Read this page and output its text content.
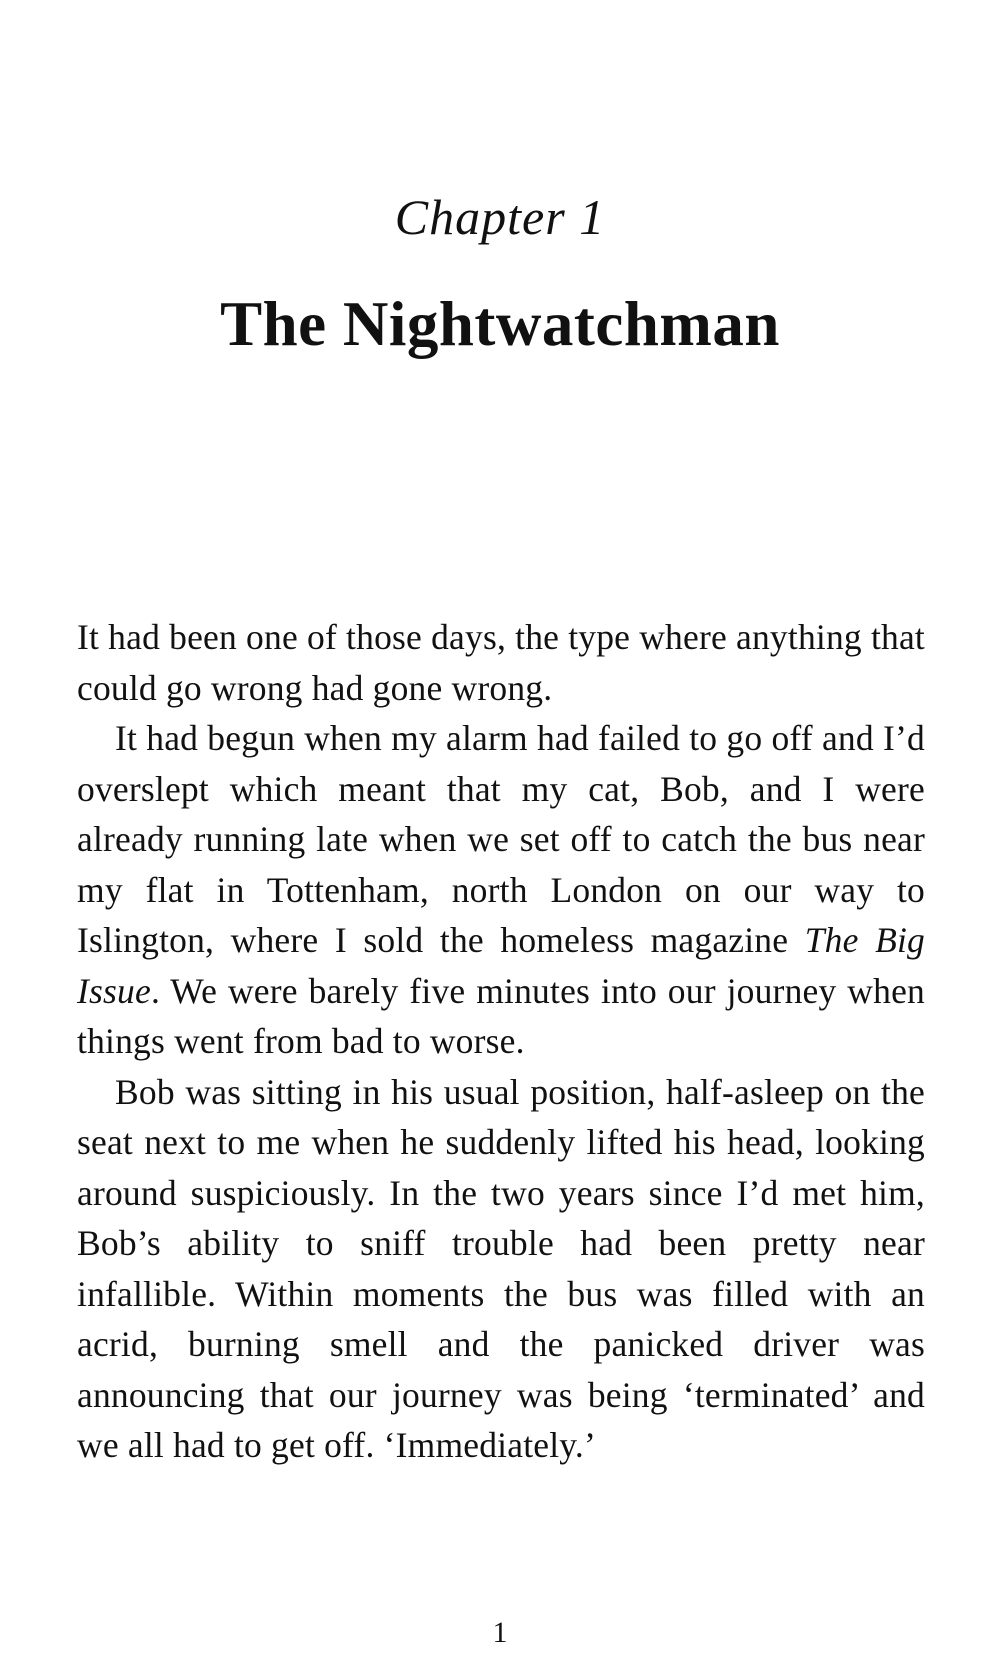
Chapter 1
The Nightwatchman

It had been one of those days, the type where anything that could go wrong had gone wrong.

It had begun when my alarm had failed to go off and I’d overslept which meant that my cat, Bob, and I were already running late when we set off to catch the bus near my flat in Tottenham, north London on our way to Islington, where I sold the homeless magazine The Big Issue. We were barely five minutes into our journey when things went from bad to worse.

Bob was sitting in his usual position, half-asleep on the seat next to me when he suddenly lifted his head, looking around suspiciously. In the two years since I’d met him, Bob’s ability to sniff trouble had been pretty near infallible. Within moments the bus was filled with an acrid, burning smell and the panicked driver was announcing that our journey was being ‘terminated’ and we all had to get off. ‘Immediately.’

1
